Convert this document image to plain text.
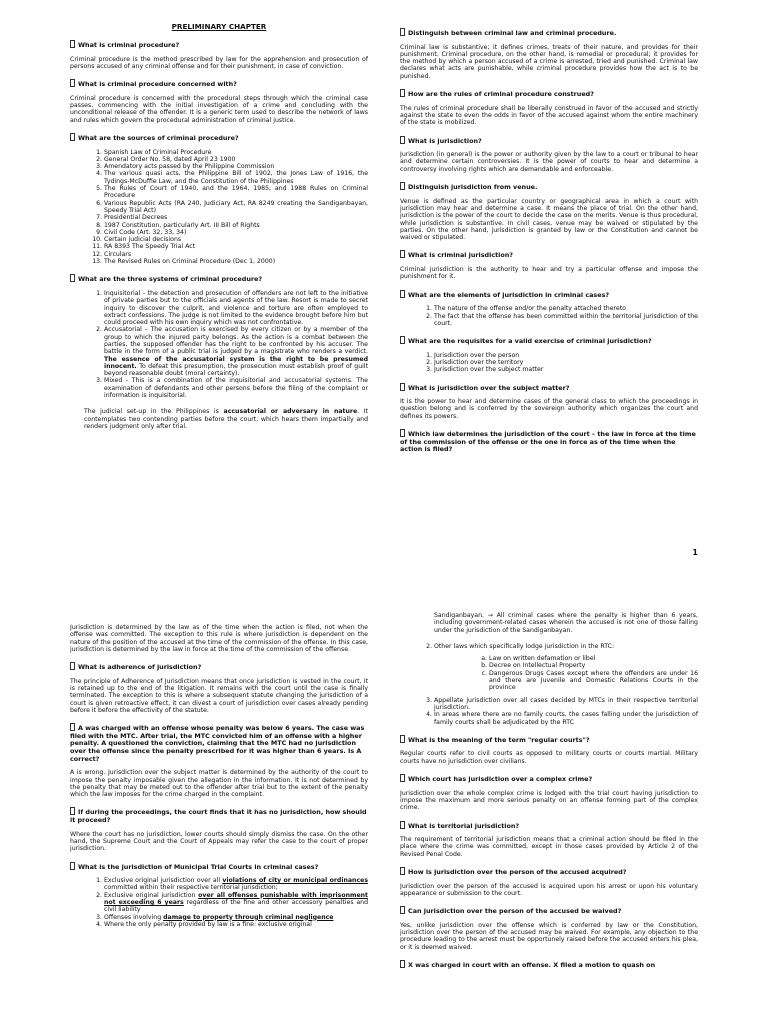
PRELIMINARY CHAPTER
What is criminal procedure?
Criminal procedure is the method prescribed by law for the apprehension and prosecution of persons accused of any criminal offense and for their punishment, in case of conviction.
What is criminal procedure concerned with?
Criminal procedure is concerned with the procedural steps through which the criminal case passes, commencing with the initial investigation of a crime and concluding with the unconditional release of the offender. It is a generic term used to describe the network of laws and rules which govern the procedural administration of criminal justice.
What are the sources of criminal procedure?
1. Spanish Law of Criminal Procedure
2. General Order No. 58, dated April 23 1900
3. Amendatory acts passed by the Philippine Commission
4. The various quasi acts, the Philippine Bill of 1902, the Jones Law of 1916, the Tydings-McDuffie Law, and the Constitution of the Philippines
5. The Rules of Court of 1940, and the 1964, 1985, and 1988 Rules on Criminal Procedure
6. Various Republic Acts (RA 240, Judiciary Act, RA 8249 creating the Sandiganbayan, Speedy Trial Act)
7. Presidential Decrees
8. 1987 Constitution, particularly Art. III Bill of Rights
9. Civil Code (Art. 32, 33, 34)
10. Certain judicial decisions
11. RA 8393 The Speedy Trial Act
12. Circulars
13. The Revised Rules on Criminal Procedure (Dec 1, 2000)
What are the three systems of criminal procedure?
1. Inquisitorial – the detection and prosecution of offenders are not left to the initiative of private parties but to the officials and agents of the law. Resort is made to secret inquiry to discover the culprit, and violence and torture are often employed to extract confessions. The judge is not limited to the evidence brought before him but could proceed with his own inquiry which was not confrontative.
2. Accusatorial – The accusation is exercised by every citizen or by a member of the group to which the injured party belongs. As the action is a combat between the parties, the supposed offender has the right to be confronted by his accuser. The battle in the form of a public trial is judged by a magistrate who renders a verdict. The essence of the accusatorial system is the right to be presumed innocent. To defeat this presumption, the prosecution must establish proof of guilt beyond reasonable doubt (moral certainty).
3. Mixed - This is a combination of the inquisitorial and accusatorial systems. The examination of defendants and other persons before the filing of the complaint or information is inquisitorial.
The judicial set-up in the Philippines is accusatorial or adversary in nature. It contemplates two contending parties before the court, which hears them impartially and renders judgment only after trial.
Distinguish between criminal law and criminal procedure.
Criminal law is substantive; it defines crimes, treats of their nature, and provides for their punishment. Criminal procedure, on the other hand, is remedial or procedural; it provides for the method by which a person accused of a crime is arrested, tried and punished. Criminal law declares what acts are punishable, while criminal procedure provides how the act is to be punished.
How are the rules of criminal procedure construed?
The rules of criminal procedure shall be liberally construed in favor of the accused and strictly against the state to even the odds in favor of the accused against whom the entire machinery of the state is mobilized.
What is jurisdiction?
Jurisdiction (in general) is the power or authority given by the law to a court or tribunal to hear and determine certain controversies. It is the power of courts to hear and determine a controversy involving rights which are demandable and enforceable.
Distinguish jurisdiction from venue.
Venue is defined as the particular country or geographical area in which a court with jurisdiction may hear and determine a case. It means the place of trial. On the other hand, jurisdiction is the power of the court to decide the case on the merits. Venue is thus procedural, while jurisdiction is substantive. In civil cases, venue may be waived or stipulated by the parties. On the other hand, jurisdiction is granted by law or the Constitution and cannot be waived or stipulated.
What is criminal jurisdiction?
Criminal jurisdiction is the authority to hear and try a particular offense and impose the punishment for it.
What are the elements of jurisdiction in criminal cases?
1. The nature of the offense and/or the penalty attached thereto
2. The fact that the offense has been committed within the territorial jurisdiction of the court.
What are the requisites for a valid exercise of criminal jurisdiction?
1. Jurisdiction over the person
2. Jurisdiction over the territory
3. Jurisdiction over the subject matter
What is jurisdiction over the subject matter?
It is the power to hear and determine cases of the general class to which the proceedings in question belong and is conferred by the sovereign authority which organizes the court and defines its powers.
Which law determines the jurisdiction of the court – the law in force at the time of the commission of the offense or the one in force as of the time when the action is filed?
1
Jurisdiction is determined by the law as of the time when the action is filed, not when the offense was committed. The exception to this rule is where jurisdiction is dependent on the nature of the position of the accused at the time of the commission of the offense. In this case, jurisdiction is determined by the law in force at the time of the commission of the offense.
What is adherence of jurisdiction?
The principle of Adherence of Jurisdiction means that once jurisdiction is vested in the court, it is retained up to the end of the litigation. It remains with the court until the case is finally terminated. The exception to this is where a subsequent statute changing the jurisdiction of a court is given retroactive effect, it can divest a court of jurisdiction over cases already pending before it before the effectivity of the statute.
A was charged with an offense whose penalty was below 6 years. The case was filed with the MTC. After trial, the MTC convicted him of an offense with a higher penalty. A questioned the conviction, claiming that the MTC had no jurisdiction over the offense since the penalty prescribed for it was higher than 6 years. Is A correct?
A is wrong. Jurisdiction over the subject matter is determined by the authority of the court to impose the penalty imposable given the allegation in the information. It is not determined by the penalty that may be meted out to the offender after trial but to the extent of the penalty which the law imposes for the crime charged in the complaint.
If during the proceedings, the court finds that it has no jurisdiction, how should it proceed?
Where the court has no jurisdiction, lower courts should simply dismiss the case. On the other hand, the Supreme Court and the Court of Appeals may refer the case to the court of proper jurisdiction.
What is the jurisdiction of Municipal Trial Courts in criminal cases?
1. Exclusive original jurisdiction over all violations of city or municipal ordinances committed within their respective territorial jurisdiction;
2. Exclusive original jurisdiction over all offenses punishable with imprisonment not exceeding 6 years regardless of the fine and other accessory penalties and civil liability
3. Offenses involving damage to property through criminal negligence
4. Where the only penalty provided by law is a fine: exclusive original
Sandiganbayan. → All criminal cases where the penalty is higher than 6 years, including government-related cases wherein the accused is not one of those falling under the jurisdiction of the Sandiganbayan.
2. Other laws which specifically lodge jurisdiction in the RTC:
a. Law on written defamation or libel
b. Decree on Intellectual Property
c. Dangerous Drugs Cases except where the offenders are under 16 and there are Juvenile and Domestic Relations Courts in the province
3. Appellate jurisdiction over all cases decided by MTCs in their respective territorial jurisdiction.
4. In areas where there are no family courts, the cases falling under the jurisdiction of family courts shall be adjudicated by the RTC
What is the meaning of the term "regular courts"?
Regular courts refer to civil courts as opposed to military courts or courts martial. Military courts have no jurisdiction over civilians.
Which court has jurisdiction over a complex crime?
Jurisdiction over the whole complex crime is lodged with the trial court having jurisdiction to impose the maximum and more serious penalty on an offense forming part of the complex crime.
What is territorial jurisdiction?
The requirement of territorial jurisdiction means that a criminal action should be filed in the place where the crime was committed, except in those cases provided by Article 2 of the Revised Penal Code.
How is jurisdiction over the person of the accused acquired?
Jurisdiction over the person of the accused is acquired upon his arrest or upon his voluntary appearance or submission to the court.
Can jurisdiction over the person of the accused be waived?
Yes, unlike jurisdiction over the offense which is conferred by law or the Constitution, jurisdiction over the person of the accused may be waived. For example, any objection to the procedure leading to the arrest must be opportunely raised before the accused enters his plea, or it is deemed waived.
X was charged in court with an offense. X filed a motion to quash on
